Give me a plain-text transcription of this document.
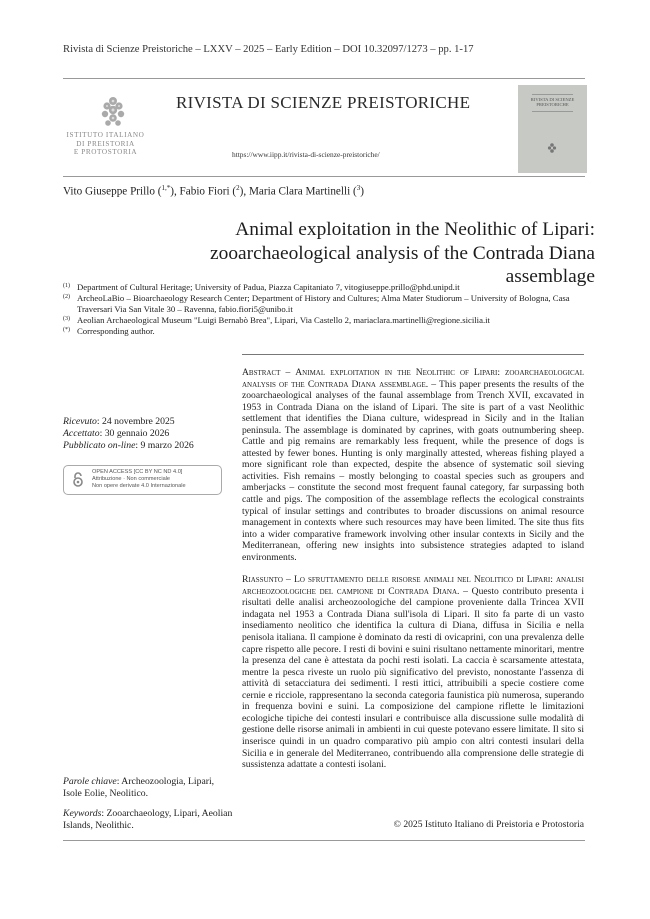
Rivista di Scienze Preistoriche – LXXV – 2025 – Early Edition – DOI 10.32097/1273 – pp. 1-17
ISTITUTO ITALIANO
DI PREISTORIA
E PROTOSTORIA
RIVISTA DI SCIENZE PREISTORICHE
https://www.iipp.it/rivista-di-scienze-preistoriche/
RIVISTA DI SCIENZE
PREISTORICHE
Vito Giuseppe Prillo ($^{1,*}$), Fabio Fiori ($^2$), Maria Clara Martinelli ($^3$)
Animal exploitation in the Neolithic of Lipari:
zooarchaeological analysis of the Contrada Diana assemblage
(1) Department of Cultural Heritage; University of Padua, Piazza Capitaniato 7, vitogiuseppe.prillo@phd.unipd.it
(2) ArcheoLaBio – Bioarchaeology Research Center; Department of History and Cultures; Alma Mater Studiorum – University of Bologna, Casa Traversari Via San Vitale 30 – Ravenna, fabio.fiori5@unibo.it
(3) Aeolian Archaeological Museum "Luigi Bernabò Brea", Lipari, Via Castello 2, mariaclara.martinelli@regione.sicilia.it
(*) Corresponding author.
Ricevuto: 24 novembre 2025
Accettato: 30 gennaio 2026
Pubblicato on-line: 9 marzo 2026
OPEN ACCESS [CC BY NC ND 4.0]
Attribuzione · Non commerciale
Non opere derivate 4.0 Internazionale
Parole chiave: Archeozoologia, Lipari, Isole Eolie, Neolitico.
Keywords: Zooarchaeology, Lipari, Aeolian Islands, Neolithic.

Abstract – Animal exploitation in the Neolithic of Lipari: zooarchaeological analysis of the Contrada Diana assemblage. – This paper presents the results of the zooarchaeological analyses of the faunal assemblage from Trench XVII, excavated in 1953 in Contrada Diana on the island of Lipari. The site is part of a vast Neolithic settlement that identifies the Diana culture, widespread in Sicily and in the Italian peninsula. The assemblage is dominated by caprines, with goats outnumbering sheep. Cattle and pig remains are remarkably less frequent, while the presence of dogs is attested by fewer bones. Hunting is only marginally attested, whereas fishing played a more significant role than expected, despite the absence of systematic soil sieving activities. Fish remains – mostly belonging to coastal species such as groupers and amberjacks – constitute the second most frequent faunal category, far surpassing both cattle and pigs. The composition of the assemblage reflects the ecological constraints typical of insular settings and contributes to broader discussions on animal resource management in contexts where such resources may have been limited. The site thus fits into a wider comparative framework involving other insular contexts in Sicily and the Mediterranean, offering new insights into subsistence strategies adapted to island environments.

Riassunto – Lo sfruttamento delle risorse animali nel Neolitico di Lipari: analisi archeozoologiche del campione di Contrada Diana. – Questo contributo presenta i risultati delle analisi archeozoologiche del campione proveniente dalla Trincea XVII indagata nel 1953 a Contrada Diana sull'isola di Lipari. Il sito fa parte di un vasto insediamento neolitico che identifica la cultura di Diana, diffusa in Sicilia e nella penisola italiana. Il campione è dominato da resti di ovicaprini, con una prevalenza delle capre rispetto alle pecore. I resti di bovini e suini risultano nettamente minoritari, mentre la presenza del cane è attestata da pochi resti isolati. La caccia è scarsamente attestata, mentre la pesca riveste un ruolo più significativo del previsto, nonostante l'assenza di attività di setacciatura dei sedimenti. I resti ittici, attribuibili a specie costiere come cernie e ricciole, rappresentano la seconda categoria faunistica più numerosa, superando in frequenza bovini e suini. La composizione del campione riflette le limitazioni ecologiche tipiche dei contesti insulari e contribuisce alla discussione sulle modalità di gestione delle risorse animali in ambienti in cui queste potevano essere limitate. Il sito si inserisce quindi in un quadro comparativo più ampio con altri contesti insulari della Sicilia e in generale del Mediterraneo, contribuendo alla comprensione delle strategie di sussistenza adattate a contesti isolani.

© 2025 Istituto Italiano di Preistoria e Protostoria
